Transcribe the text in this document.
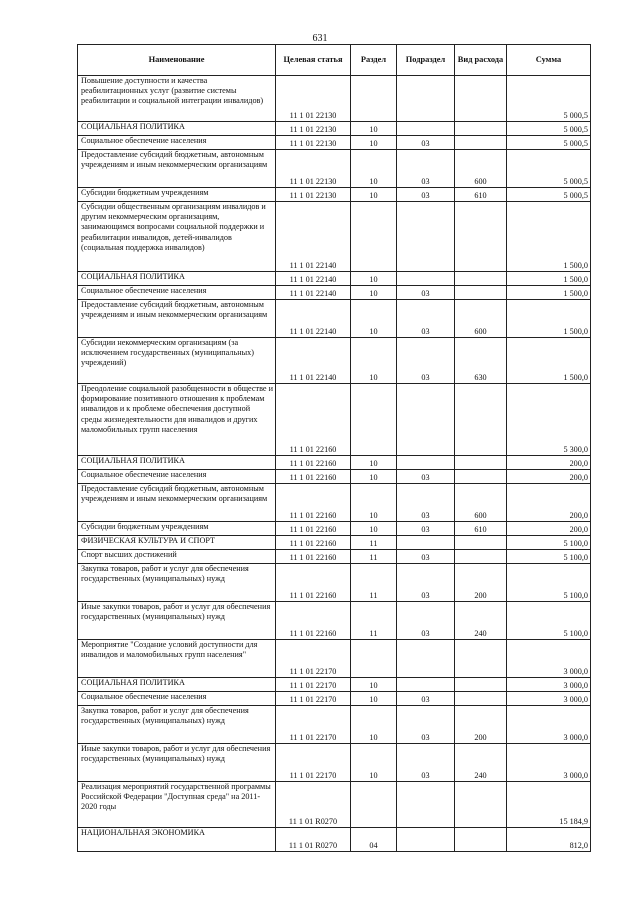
631
Наименование	Целевая статья	Раздел	Подраздел	Вид расхода	Сумма
Повышение доступности и качества реабилитационных услуг (развитие системы реабилитации и социальной интеграции инвалидов)	11 1 01 22130				5 000,5
СОЦИАЛЬНАЯ ПОЛИТИКА	11 1 01 22130	10			5 000,5
Социальное обеспечение населения	11 1 01 22130	10	03		5 000,5
Предоставление субсидий бюджетным, автономным учреждениям и иным некоммерческим организациям	11 1 01 22130	10	03	600	5 000,5
Субсидии бюджетным учреждениям	11 1 01 22130	10	03	610	5 000,5
Субсидии общественным организациям инвалидов и другим некоммерческим организациям, занимающимся вопросами социальной поддержки и реабилитации инвалидов, детей-инвалидов (социальная поддержка инвалидов)	11 1 01 22140				1 500,0
СОЦИАЛЬНАЯ ПОЛИТИКА	11 1 01 22140	10			1 500,0
Социальное обеспечение населения	11 1 01 22140	10	03		1 500,0
Предоставление субсидий бюджетным, автономным учреждениям и иным некоммерческим организациям	11 1 01 22140	10	03	600	1 500,0
Субсидии некоммерческим организациям (за исключением государственных (муниципальных) учреждений)	11 1 01 22140	10	03	630	1 500,0
Преодоление социальной разобщенности в обществе и формирование позитивного отношения к проблемам инвалидов и к проблеме обеспечения доступной среды жизнедеятельности для инвалидов и других маломобильных групп населения	11 1 01 22160				5 300,0
СОЦИАЛЬНАЯ ПОЛИТИКА	11 1 01 22160	10			200,0
Социальное обеспечение населения	11 1 01 22160	10	03		200,0
Предоставление субсидий бюджетным, автономным учреждениям и иным некоммерческим организациям	11 1 01 22160	10	03	600	200,0
Субсидии бюджетным учреждениям	11 1 01 22160	10	03	610	200,0
ФИЗИЧЕСКАЯ КУЛЬТУРА И СПОРТ	11 1 01 22160	11			5 100,0
Спорт высших достижений	11 1 01 22160	11	03		5 100,0
Закупка товаров, работ и услуг для обеспечения государственных (муниципальных) нужд	11 1 01 22160	11	03	200	5 100,0
Иные закупки товаров, работ и услуг для обеспечения государственных (муниципальных) нужд	11 1 01 22160	11	03	240	5 100,0
Мероприятие "Создание условий доступности для инвалидов и маломобильных групп населения"	11 1 01 22170				3 000,0
СОЦИАЛЬНАЯ ПОЛИТИКА	11 1 01 22170	10			3 000,0
Социальное обеспечение населения	11 1 01 22170	10	03		3 000,0
Закупка товаров, работ и услуг для обеспечения государственных (муниципальных) нужд	11 1 01 22170	10	03	200	3 000,0
Иные закупки товаров, работ и услуг для обеспечения государственных (муниципальных) нужд	11 1 01 22170	10	03	240	3 000,0
Реализация мероприятий государственной программы Российской Федерации "Доступная среда" на 2011-2020 годы	11 1 01 R0270				15 184,9
НАЦИОНАЛЬНАЯ ЭКОНОМИКА	11 1 01 R0270	04			812,0
